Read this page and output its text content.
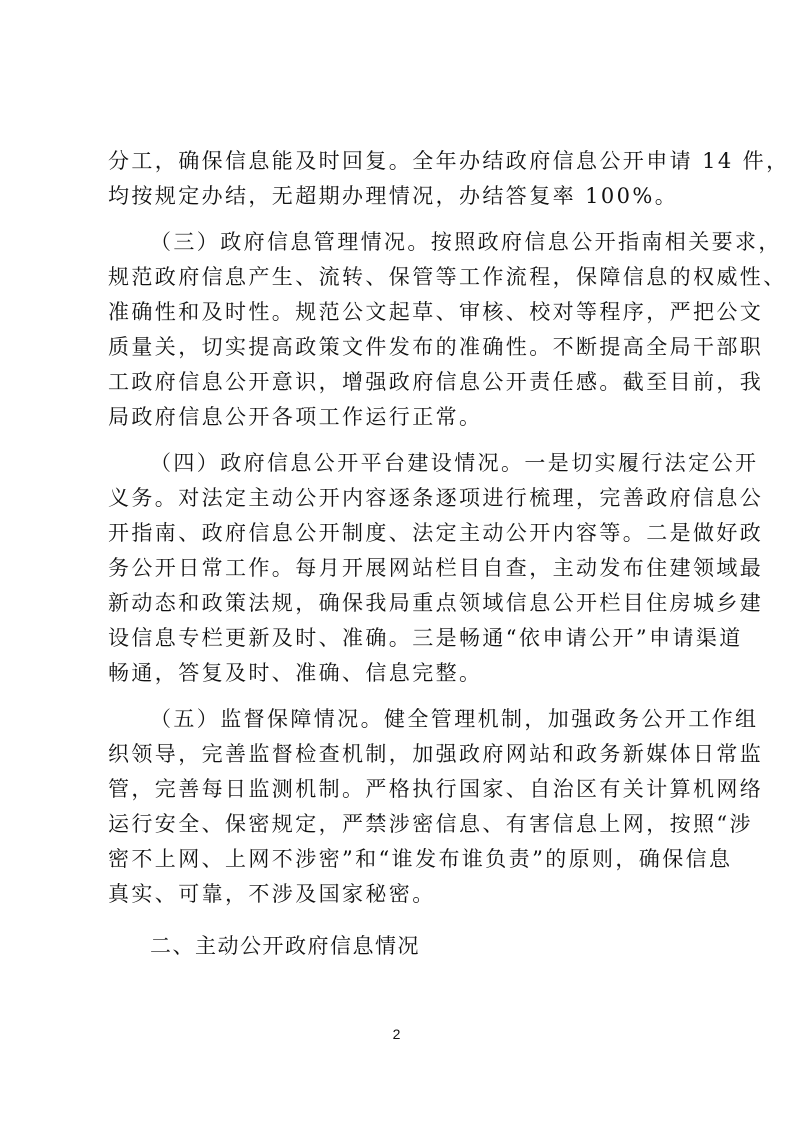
分工，确保信息能及时回复。全年办结政府信息公开申请 14 件，
均按规定办结，无超期办理情况，办结答复率 100%。
（三）政府信息管理情况。按照政府信息公开指南相关要求，
规范政府信息产生、流转、保管等工作流程，保障信息的权威性、
准确性和及时性。规范公文起草、审核、校对等程序，严把公文
质量关，切实提高政策文件发布的准确性。不断提高全局干部职
工政府信息公开意识，增强政府信息公开责任感。截至目前，我
局政府信息公开各项工作运行正常。
（四）政府信息公开平台建设情况。一是切实履行法定公开
义务。对法定主动公开内容逐条逐项进行梳理，完善政府信息公
开指南、政府信息公开制度、法定主动公开内容等。二是做好政
务公开日常工作。每月开展网站栏目自查，主动发布住建领域最
新动态和政策法规，确保我局重点领域信息公开栏目住房城乡建
设信息专栏更新及时、准确。三是畅通“依申请公开”申请渠道
畅通，答复及时、准确、信息完整。
（五）监督保障情况。健全管理机制，加强政务公开工作组
织领导，完善监督检查机制，加强政府网站和政务新媒体日常监
管，完善每日监测机制。严格执行国家、自治区有关计算机网络
运行安全、保密规定，严禁涉密信息、有害信息上网，按照“涉
密不上网、上网不涉密”和“谁发布谁负责”的原则，确保信息
真实、可靠，不涉及国家秘密。
二、主动公开政府信息情况
2
